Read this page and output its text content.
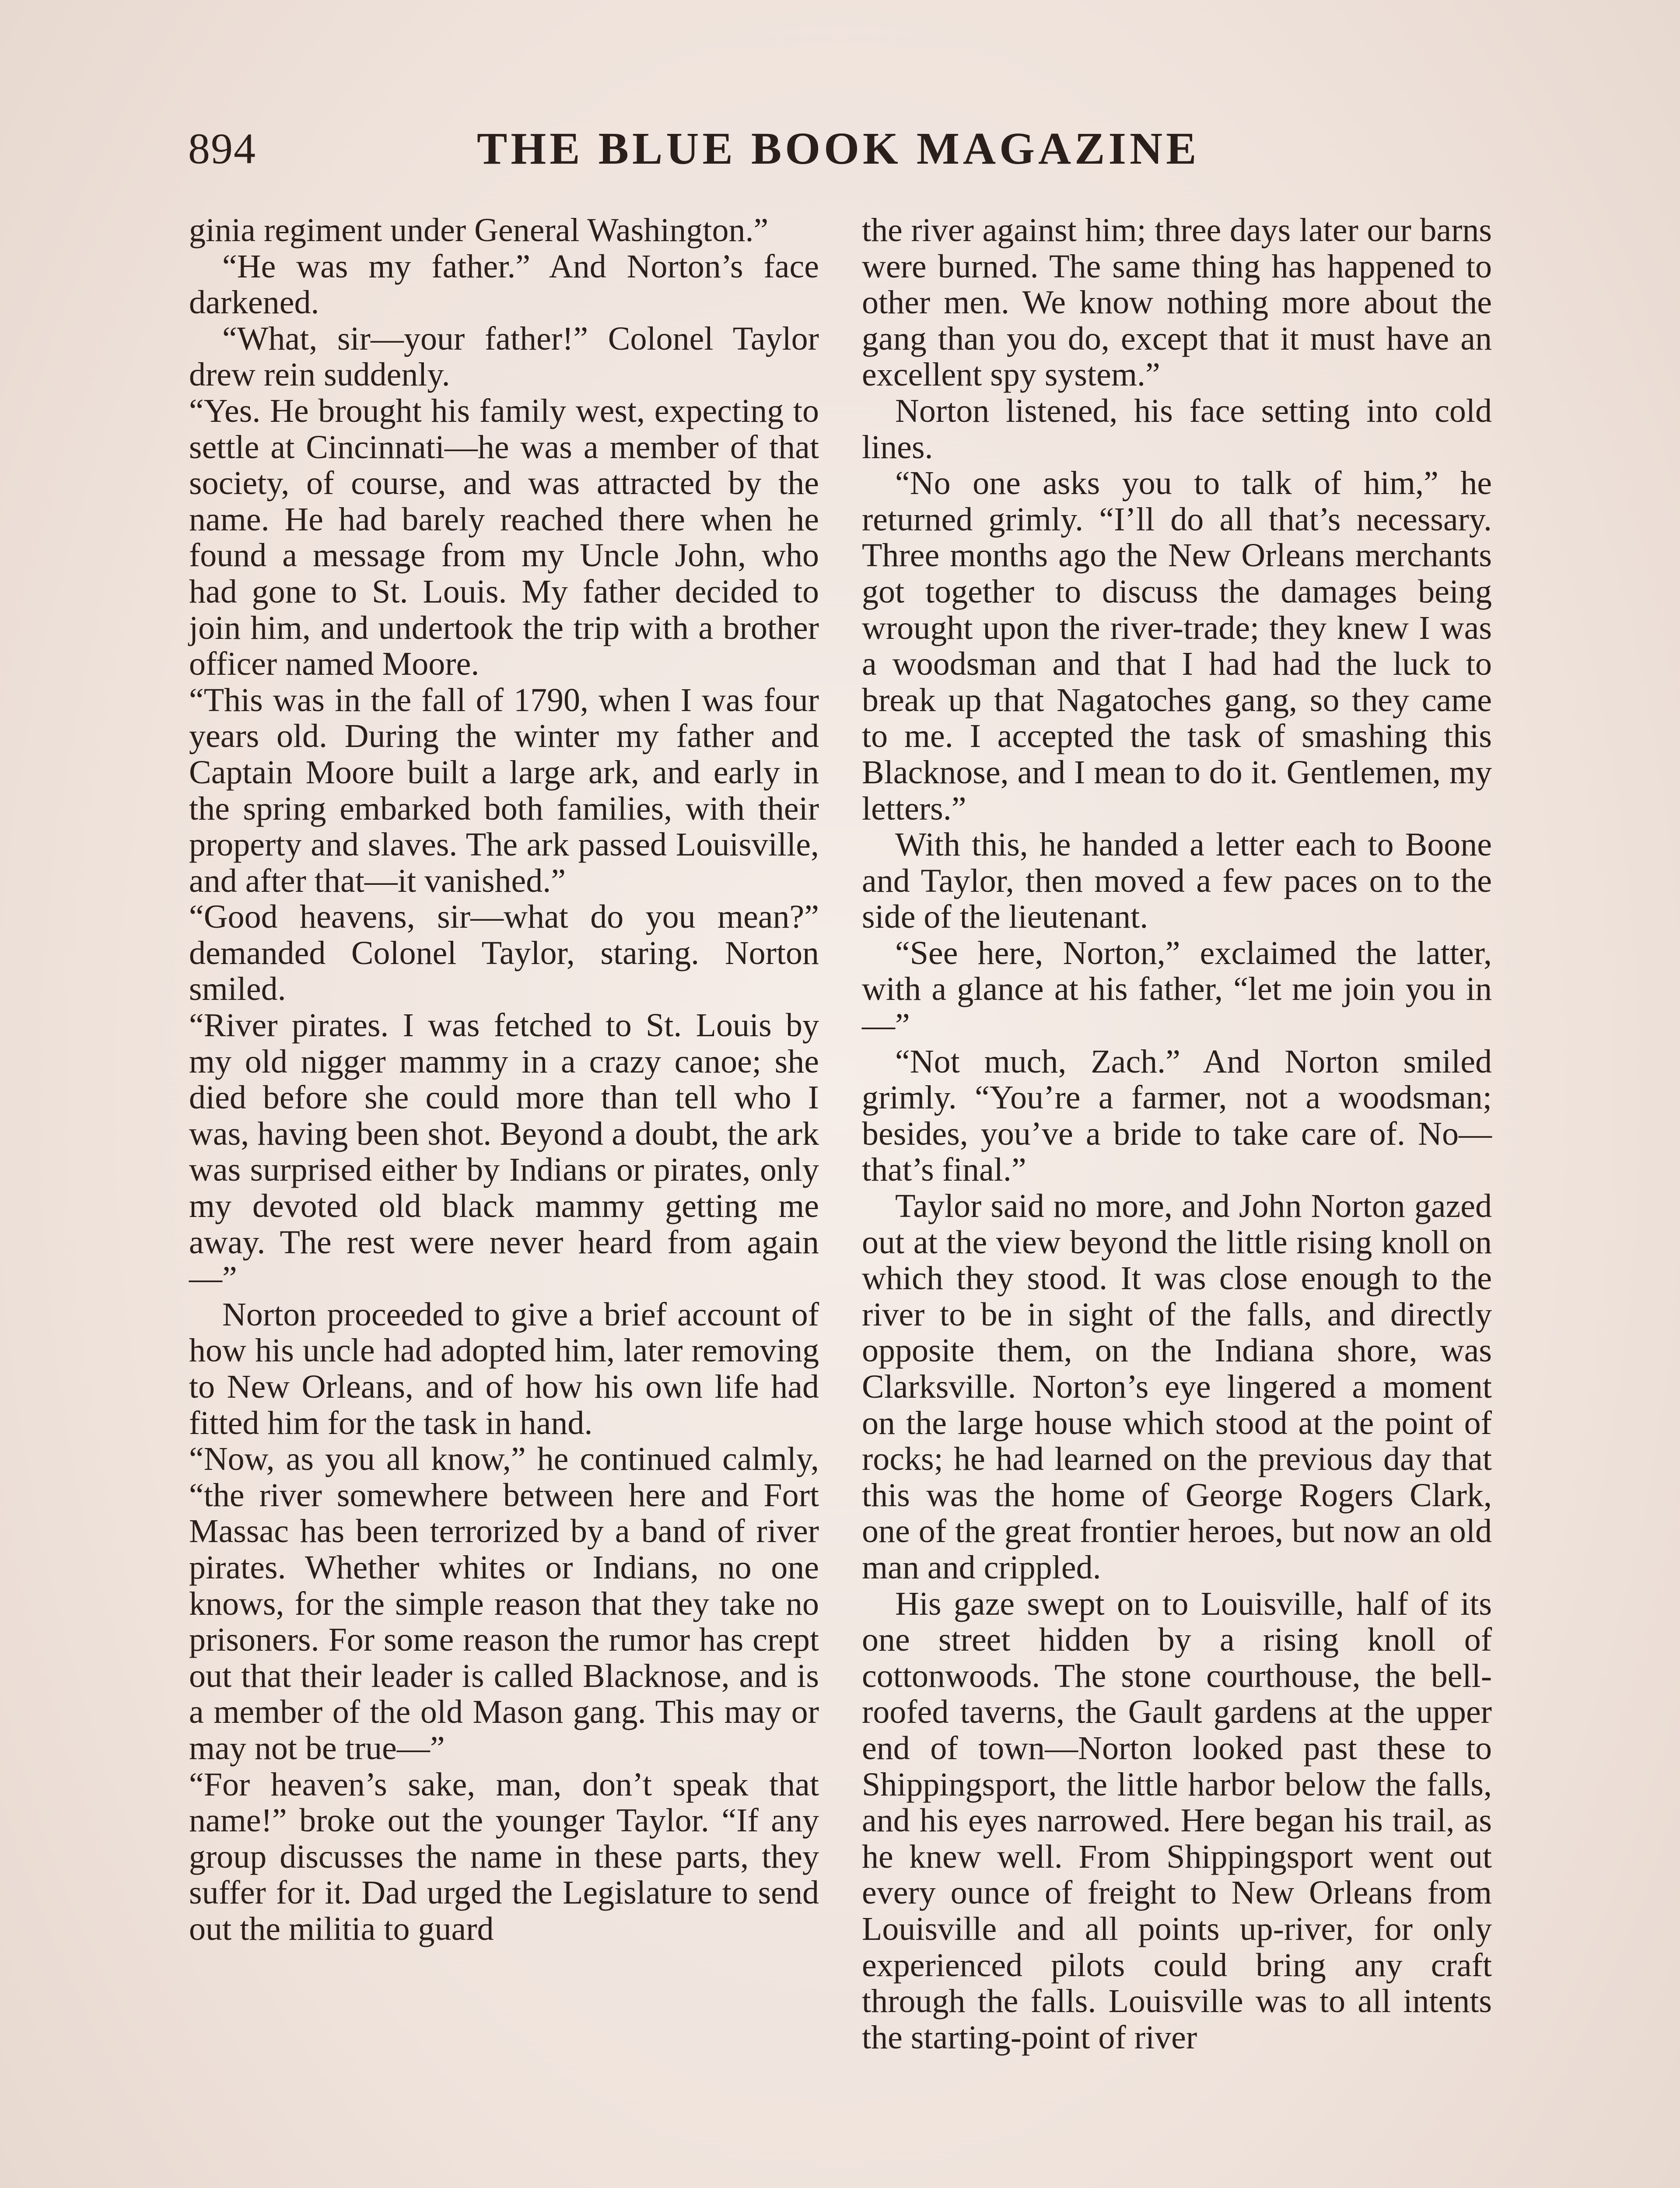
894	THE BLUE BOOK MAGAZINE

ginia regiment under General Washington.”

“He was my father.” And Norton’s face darkened.

“What, sir—your father!” Colonel Taylor drew rein suddenly.

“Yes. He brought his family west, expecting to settle at Cincinnati—he was a member of that society, of course, and was attracted by the name. He had barely reached there when he found a message from my Uncle John, who had gone to St. Louis. My father decided to join him, and undertook the trip with a brother officer named Moore.

“This was in the fall of 1790, when I was four years old. During the winter my father and Captain Moore built a large ark, and early in the spring embarked both families, with their property and slaves. The ark passed Louisville, and after that—it vanished.”

“Good heavens, sir—what do you mean?” demanded Colonel Taylor, staring. Norton smiled.

“River pirates. I was fetched to St. Louis by my old nigger mammy in a crazy canoe; she died before she could more than tell who I was, having been shot. Beyond a doubt, the ark was surprised either by Indians or pirates, only my devoted old black mammy getting me away. The rest were never heard from again—”

Norton proceeded to give a brief account of how his uncle had adopted him, later removing to New Orleans, and of how his own life had fitted him for the task in hand.

“Now, as you all know,” he continued calmly, “the river somewhere between here and Fort Massac has been terrorized by a band of river pirates. Whether whites or Indians, no one knows, for the simple reason that they take no prisoners. For some reason the rumor has crept out that their leader is called Blacknose, and is a member of the old Mason gang. This may or may not be true—”

“For heaven’s sake, man, don’t speak that name!” broke out the younger Taylor. “If any group discusses the name in these parts, they suffer for it. Dad urged the Legislature to send out the militia to guard

the river against him; three days later our barns were burned. The same thing has happened to other men. We know nothing more about the gang than you do, except that it must have an excellent spy system.”

Norton listened, his face setting into cold lines.

“No one asks you to talk of him,” he returned grimly. “I’ll do all that’s necessary. Three months ago the New Orleans merchants got together to discuss the damages being wrought upon the river-trade; they knew I was a woodsman and that I had had the luck to break up that Nagatoches gang, so they came to me. I accepted the task of smashing this Blacknose, and I mean to do it. Gentlemen, my letters.”

With this, he handed a letter each to Boone and Taylor, then moved a few paces on to the side of the lieutenant.

“See here, Norton,” exclaimed the latter, with a glance at his father, “let me join you in—”

“Not much, Zach.” And Norton smiled grimly. “You’re a farmer, not a woodsman; besides, you’ve a bride to take care of. No—that’s final.”

Taylor said no more, and John Norton gazed out at the view beyond the little rising knoll on which they stood. It was close enough to the river to be in sight of the falls, and directly opposite them, on the Indiana shore, was Clarksville. Norton’s eye lingered a moment on the large house which stood at the point of rocks; he had learned on the previous day that this was the home of George Rogers Clark, one of the great frontier heroes, but now an old man and crippled.

His gaze swept on to Louisville, half of its one street hidden by a rising knoll of cottonwoods. The stone courthouse, the bell-roofed taverns, the Gault gardens at the upper end of town—Norton looked past these to Shippingsport, the little harbor below the falls, and his eyes narrowed. Here began his trail, as he knew well. From Shippingsport went out every ounce of freight to New Orleans from Louisville and all points up-river, for only experienced pilots could bring any craft through the falls. Louisville was to all intents the starting-point of river
